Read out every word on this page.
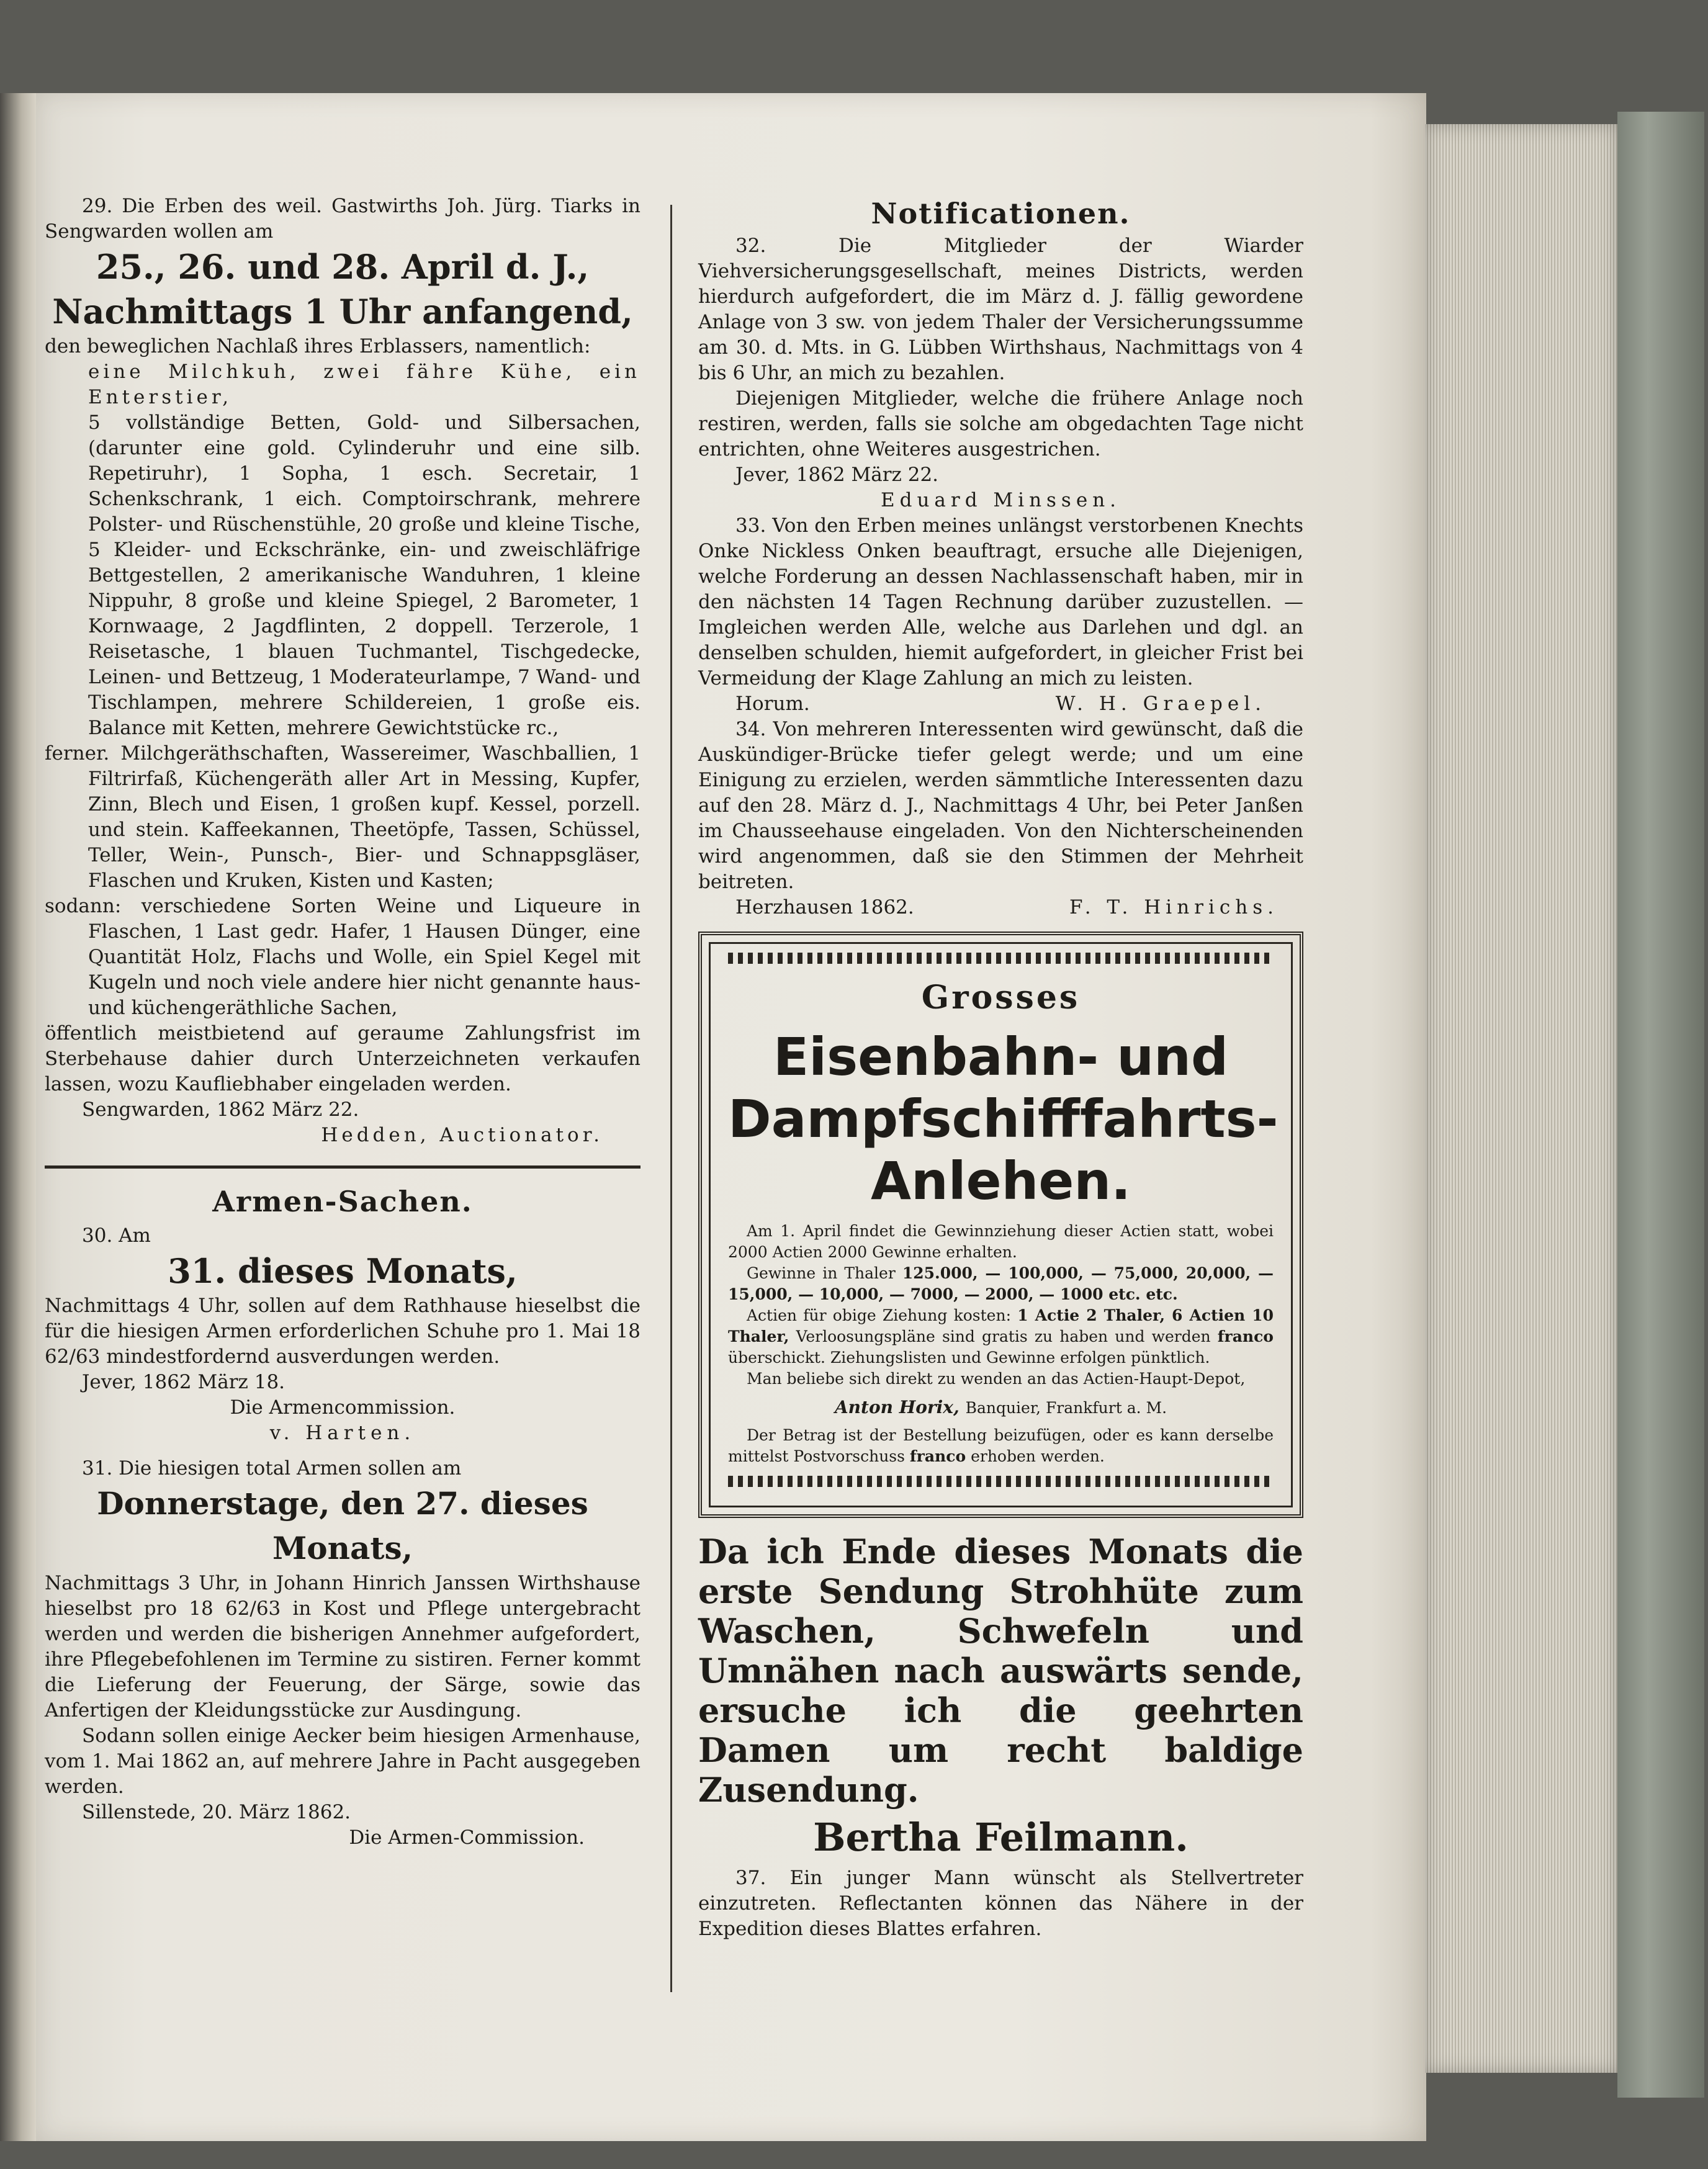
29. Die Erben des weil. Gastwirths Joh. Jürg. Tiarks in Sengwarden wollen am

25., 26. und 28. April d. J.,

Nachmittags 1 Uhr anfangend,

den beweglichen Nachlaß ihres Erblassers, namentlich:

eine Milchkuh, zwei fähre Kühe, ein Enterstier,

5 vollständige Betten, Gold- und Silbersachen, (darunter eine gold. Cylinderuhr und eine silb. Repetiruhr), 1 Sopha, 1 esch. Secretair, 1 Schenkschrank, 1 eich. Comptoirschrank, mehrere Polster- und Rüschenstühle, 20 große und kleine Tische, 5 Kleider- und Eckschränke, ein- und zweischläfrige Bettgestellen, 2 amerikanische Wanduhren, 1 kleine Nippuhr, 8 große und kleine Spiegel, 2 Barometer, 1 Kornwaage, 2 Jagdflinten, 2 doppell. Terzerole, 1 Reisetasche, 1 blauen Tuchmantel, Tischgedecke, Leinen- und Bettzeug, 1 Moderateurlampe, 7 Wand- und Tischlampen, mehrere Schildereien, 1 große eis. Balance mit Ketten, mehrere Gewichtstücke rc.,

ferner. Milchgeräthschaften, Wassereimer, Waschballien, 1 Filtrirfaß, Küchengeräth aller Art in Messing, Kupfer, Zinn, Blech und Eisen, 1 großen kupf. Kessel, porzell. und stein. Kaffeekannen, Theetöpfe, Tassen, Schüssel, Teller, Wein-, Punsch-, Bier- und Schnappsgläser, Flaschen und Kruken, Kisten und Kasten;

sodann: verschiedene Sorten Weine und Liqueure in Flaschen, 1 Last gedr. Hafer, 1 Hausen Dünger, eine Quantität Holz, Flachs und Wolle, ein Spiel Kegel mit Kugeln und noch viele andere hier nicht genannte haus- und küchengeräthliche Sachen,

öffentlich meistbietend auf geraume Zahlungsfrist im Sterbehause dahier durch Unterzeichneten verkaufen lassen, wozu Kaufliebhaber eingeladen werden.

Sengwarden, 1862 März 22.

Hedden, Auctionator.

Armen-Sachen.

30. Am

31. dieses Monats,

Nachmittags 4 Uhr, sollen auf dem Rathhause hieselbst die für die hiesigen Armen erforderlichen Schuhe pro 1. Mai 18 62/63 mindestfordernd ausverdungen werden.

Jever, 1862 März 18.

Die Armencommission.

v. Harten.

31. Die hiesigen total Armen sollen am

Donnerstage, den 27. dieses Monats,

Nachmittags 3 Uhr, in Johann Hinrich Janssen Wirthshause hieselbst pro 18 62/63 in Kost und Pflege untergebracht werden und werden die bisherigen Annehmer aufgefordert, ihre Pflegebefohlenen im Termine zu sistiren. Ferner kommt die Lieferung der Feuerung, der Särge, sowie das Anfertigen der Kleidungsstücke zur Ausdingung.

Sodann sollen einige Aecker beim hiesigen Armenhause, vom 1. Mai 1862 an, auf mehrere Jahre in Pacht ausgegeben werden.

Sillenstede, 20. März 1862.

Die Armen-Commission.

Notificationen.

32. Die Mitglieder der Wiarder Viehversicherungsgesellschaft, meines Districts, werden hierdurch aufgefordert, die im März d. J. fällig gewordene Anlage von 3 sw. von jedem Thaler der Versicherungssumme am 30. d. Mts. in G. Lübben Wirthshaus, Nachmittags von 4 bis 6 Uhr, an mich zu bezahlen.

Diejenigen Mitglieder, welche die frühere Anlage noch restiren, werden, falls sie solche am obgedachten Tage nicht entrichten, ohne Weiteres ausgestrichen.

Jever, 1862 März 22.

Eduard Minssen.

33. Von den Erben meines unlängst verstorbenen Knechts Onke Nickless Onken beauftragt, ersuche alle Diejenigen, welche Forderung an dessen Nachlassenschaft haben, mir in den nächsten 14 Tagen Rechnung darüber zuzustellen. — Imgleichen werden Alle, welche aus Darlehen und dgl. an denselben schulden, hiemit aufgefordert, in gleicher Frist bei Vermeidung der Klage Zahlung an mich zu leisten.

Horum.	W. H. Graepel.

34. Von mehreren Interessenten wird gewünscht, daß die Auskündiger-Brücke tiefer gelegt werde; und um eine Einigung zu erzielen, werden sämmtliche Interessenten dazu auf den 28. März d. J., Nachmittags 4 Uhr, bei Peter Janßen im Chausseehause eingeladen. Von den Nichterscheinenden wird angenommen, daß sie den Stimmen der Mehrheit beitreten.

Herzhausen 1862.	F. T. Hinrichs.

Grosses

Eisenbahn- und Dampfschifffahrts-Anlehen.

Am 1. April findet die Gewinnziehung dieser Actien statt, wobei 2000 Actien 2000 Gewinne erhalten.

Gewinne in Thaler 125.000, — 100,000, — 75,000, 20,000, — 15,000, — 10,000, — 7000, — 2000, — 1000 etc. etc.

Actien für obige Ziehung kosten: 1 Actie 2 Thaler, 6 Actien 10 Thaler, Verloosungspläne sind gratis zu haben und werden franco überschickt. Ziehungslisten und Gewinne erfolgen pünktlich.

Man beliebe sich direkt zu wenden an das Actien-Haupt-Depot,

Anton Horix, Banquier, Frankfurt a. M.

Der Betrag ist der Bestellung beizufügen, oder es kann derselbe mittelst Postvorschuss franco erhoben werden.

Da ich Ende dieses Monats die erste Sendung Strohhüte zum Waschen, Schwefeln und Umnähen nach auswärts sende, ersuche ich die geehrten Damen um recht baldige Zusendung.

Bertha Feilmann.

37. Ein junger Mann wünscht als Stellvertreter einzutreten. Reflectanten können das Nähere in der Expedition dieses Blattes erfahren.
